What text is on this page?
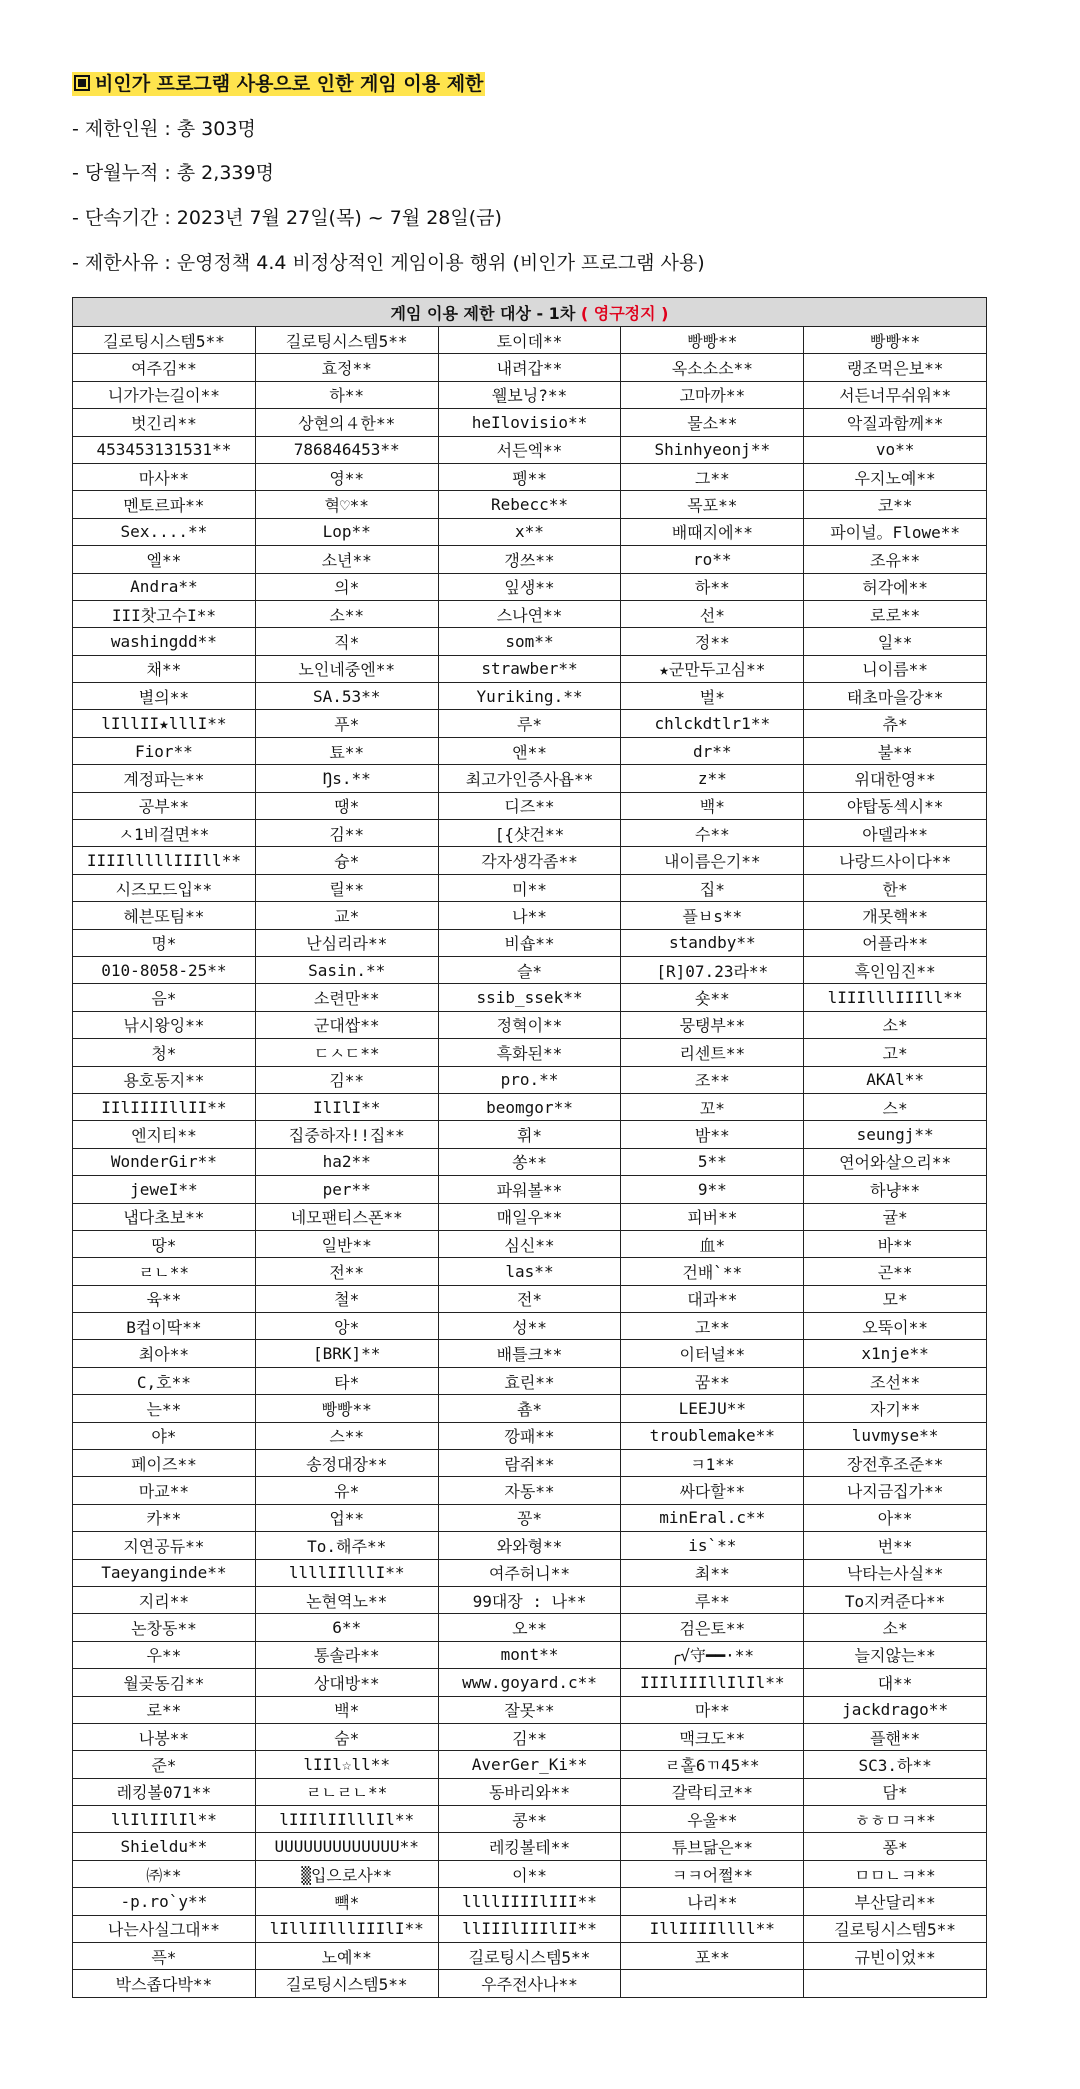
비인가 프로그램 사용으로 인한 게임 이용 제한
- 제한인원 : 총 303명
- 당월누적 : 총 2,339명
- 단속기간 : 2023년 7월 27일(목) ~ 7월 28일(금)
- 제한사유 : 운영정책 4.4 비정상적인 게임이용 행위 (비인가 프로그램 사용)
게임 이용 제한 대상 - 1차 ( 영구정지 )				
길로팅시스템5**	길로팅시스템5**	토이데**	빵빵**	빵빵**
여주김**	효정**	내려갑**	옥소소소**	랭조먹은보**
니가가는길이**	하**	웰보닝?**	고마까**	서든너무쉬워**
벗긴리**	상현의４한**	heIlovisio**	물소**	악질과함께**
453453131531**	786846453**	서든엑**	Shinhyeonj**	vo**
마사**	영**	펭**	그**	우지노예**
멘토르파**	혁♡**	Rebecc**	목포**	코**
Sex....**	Lop**	x**	배때지에**	파이널。Flowe**
엘**	소년**	갱쓰**	ro**	조유**
Andra**	의*	잎생**	하**	허각에**
III찻고수I**	소**	스나연**	선*	로로**
washingdd**	직*	som**	정**	일**
채**	노인네중엔**	strawber**	★군만두고심**	니이름**
별의**	SA.53**	Yuriking.**	벌*	태초마을강**
lIllII★lllI**	푸*	루*	chlckdtlr1**	츄*
Fior**	툐**	앤**	dr**	불**
계정파는**	Ŋs.**	최고가인증사욥**	z**	위대한영**
공부**	땡*	디즈**	백*	야탑동섹시**
ㅅ1비걸면**	김**	[{샷건**	수**	아델라**
IIIIlllllIIIll**	슝*	각자생각좀**	내이름은기**	나랑드사이다**
시즈모드입**	릴**	미**	집*	한*
헤븐또팀**	교*	나**	플ㅂs**	개못핵**
명*	난심리라**	비숍**	standby**	어플라**
010-8058-25**	Sasin.**	슬*	[R]07.23라**	흑인임진**
음*	소련만**	ssib_ssek**	숏**	lIIIlllIIIll**
낚시왕잉**	군대쌉**	정혁이**	뭉탱부**	소*
청*	ㄷㅅㄷ**	흑화된**	리센트**	고*
용호동지**	김**	pro.**	조**	AKAl**
IIlIIIIllII**	IlIlI**	beomgor**	꼬*	스*
엔지티**	집중하자!!집**	휘*	밤**	seungj**
WonderGir**	ha2**	쏭**	5**	연어와살으리**
jeweI**	per**	파워볼**	9**	하냥**
냅다초보**	네모팬티스폰**	매일우**	피버**	귤*
땅*	일반**	심신**	血*	바**
ㄹㄴ**	전**	las**	건배`**	곤**
육**	철*	전*	대과**	모*
B컵이딱**	앙*	성**	고**	오뚝이**
최아**	[BRK]**	배틀크**	이터널**	x1nje**
C,호**	타*	효린**	꿈**	조선**
는**	빵빵**	춈*	LEEJU**	자기**
야*	스**	깡패**	troublemake**	luvmyse**
페이즈**	송정대장**	람쥐**	ㅋ1**	장전후조준**
마교**	유*	자동**	싸다할**	나지금집가**
카**	업**	꽁*	minEral.c**	아**
지연공듀**	To.해주**	와와형**	is`**	번**
Taeyanginde**	llllIIlllI**	여주허니**	최**	낙타는사실**
지리**	논현역노**	99대장 : 나**	루**	To지켜준다**
논창동**	6**	오**	검은토**	소*
우**	통솔라**	mont**	╭√守━━·**	늘지않는**
월곶동김**	상대방**	www.goyard.c**	IIIlIIIllIlIl**	대**
로**	백*	잘못**	마**	jackdrago**
나봉**	숨*	김**	맥크도**	플핸**
준*	lIIl☆ll**	AverGer_Ki**	ㄹ홀6ㄲ45**	SC3.하**
레킹볼071**	ㄹㄴㄹㄴ**	동바리와**	갈락티코**	담*
llIlIIlIl**	lIIIlIIlllIl**	콩**	우울**	ㅎㅎㅁㅋ**
Shieldu**	UUUUUUUUUUUUU**	레킹볼테**	튜브닮은**	퐁*
㈜**	▒입으로사**	이**	ㅋㅋ어쩔**	ㅁㅁㄴㅋ**
-p.ro`y**	빽*	llllIIIIlIII**	나리**	부산달리**
나는사실그대**	lIllIIlllIIIlI**	llIIIlIIIlII**	IllIIIIllll**	길로팅시스템5**
픅*	노예**	길로팅시스템5**	포**	규빈이었**
박스좁다박**	길로팅시스템5**	우주전사나**		
